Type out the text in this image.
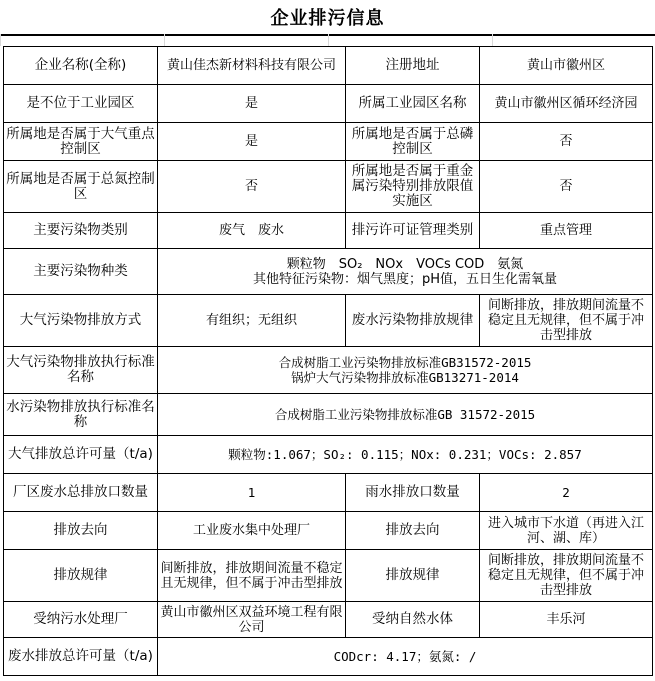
企业排污信息
企业名称(全称)	黄山佳杰新材料科技有限公司	注册地址	黄山市徽州区
是不位于工业园区	是	所属工业园区名称	黄山市徽州区循环经济园
所属地是否属于大气重点控制区	是	所属地是否属于总磷控制区	否
所属地是否属于总氮控制区	否	所属地是否属于重金属污染特别排放限值实施区	否
主要污染物类别	废气　废水	排污许可证管理类别	重点管理
主要污染物种类	颗粒物　SO₂　NOx　VOCs COD　氨氮
其他特征污染物：烟气黑度；pH值，五日生化需氧量		

大气污染物排放方式	有组织；无组织	废水污染物排放规律	间断排放，排放期间流量不稳定且无规律，但不属于冲击型排放
大气污染物排放执行标准名称	合成树脂工业污染物排放标准GB31572-2015
锅炉大气污染物排放标准GB13271-2014		

水污染物排放执行标准名称	合成树脂工业污染物排放标准GB 31572-2015		
大气排放总许可量（t/a)	颗粒物:1.067；SO₂: 0.115；NOx: 0.231；VOCs: 2.857		
厂区废水总排放口数量	1	雨水排放口数量	2
排放去向	工业废水集中处理厂	排放去向	进入城市下水道（再进入江河、湖、库）
排放规律	间断排放，排放期间流量不稳定且无规律，但不属于冲击型排放	排放规律	间断排放，排放期间流量不稳定且无规律，但不属于冲击型排放
受纳污水处理厂	黄山市徽州区双益环境工程有限公司	受纳自然水体	丰乐河
废水排放总许可量（t/a)	CODcr: 4.17；氨氮: /		
